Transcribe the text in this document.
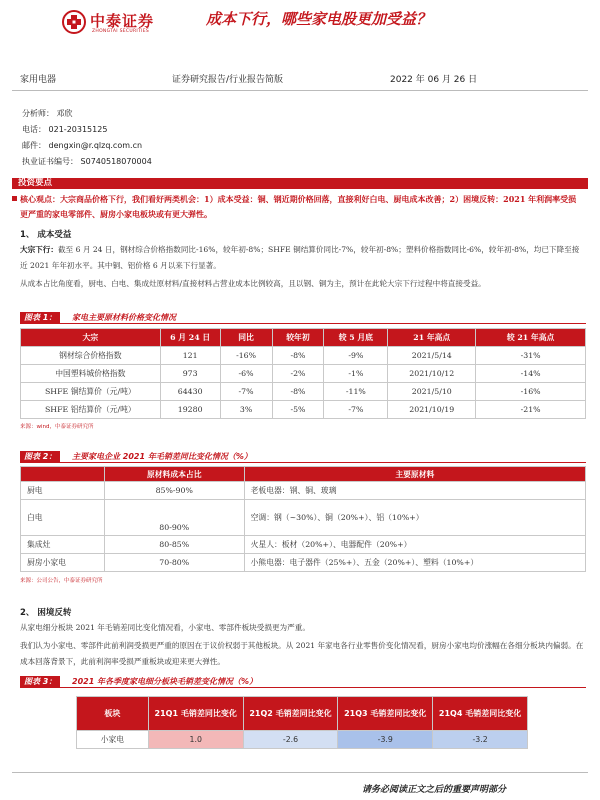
中泰证券
ZHONGTAI SECURITIES
成本下行，哪些家电股更加受益？
家用电器	证券研究报告/行业报告简版	2022 年 06 月 26 日
分析师： 邓欣
电话： 021-20315125
邮件： dengxin@r.qlzq.com.cn
执业证书编号： S0740518070004
投资要点
核心观点：大宗商品价格下行，我们看好两类机会：1）成本受益：铜、钢近期价格回落，直接利好白电、厨电成本改善；2）困境反转：2021 年利润率受损更严重的家电零部件、厨房小家电板块或有更大弹性。
1、 成本受益
大宗下行：截至 6 月 24 日，钢材综合价格指数同比-16%，较年初-8%；SHFE 铜结算价同比-7%，较年初-8%；塑料价格指数同比-6%，较年初-8%，均已下降至接近 2021 年年初水平。其中铜、铝价格 6 月以来下行显著。
从成本占比角度看，厨电、白电、集成灶原材料/直接材料占营业成本比例较高，且以钢、铜为主，预计在此轮大宗下行过程中将直接受益。
图表 1：	家电主要原材料价格变化情况
大宗	6 月 24 日	同比	较年初	较 5 月底	21 年高点	较 21 年高点
钢材综合价格指数	121	-16%	-8%	-9%	2021/5/14	-31%
中国塑料城价格指数	973	-6%	-2%	-1%	2021/10/12	-14%
SHFE 铜结算价（元/吨）	64430	-7%	-8%	-11%	2021/5/10	-16%
SHFE 铝结算价（元/吨）	19280	3%	-5%	-7%	2021/10/19	-21%
来源：wind，中泰证券研究所
图表 2：	主要家电企业 2021 年毛销差同比变化情况（%）
	原材料成本占比	主要原材料
厨电	85%-90%	老板电器：钢、铜、玻璃
白电	80-90%	空调：钢（~30%）、铜（20%+）、铝（10%+）
集成灶	80-85%	火星人：板材（20%+）、电器配件（20%+）
厨房小家电	70-80%	小熊电器：电子器件（25%+）、五金（20%+）、塑料（10%+）
来源：公司公告，中泰证券研究所
2、 困境反转
从家电细分板块 2021 年毛销差同比变化情况看，小家电、零部件板块受损更为严重。
我们认为小家电、零部件此前利润受损更严重的原因在于议价权弱于其他板块。从 2021 年家电各行业零售价变化情况看，厨房小家电均价涨幅在各细分板块内偏弱。在成本回落背景下，此前利润率受损严重板块或迎来更大弹性。
图表 3：	2021 年各季度家电细分板块毛销差变化情况（%）
板块	21Q1 毛销差同比变化	21Q2 毛销差同比变化	21Q3 毛销差同比变化	21Q4 毛销差同比变化
小家电	1.0	-2.6	-3.9	-3.2
请务必阅读正文之后的重要声明部分
